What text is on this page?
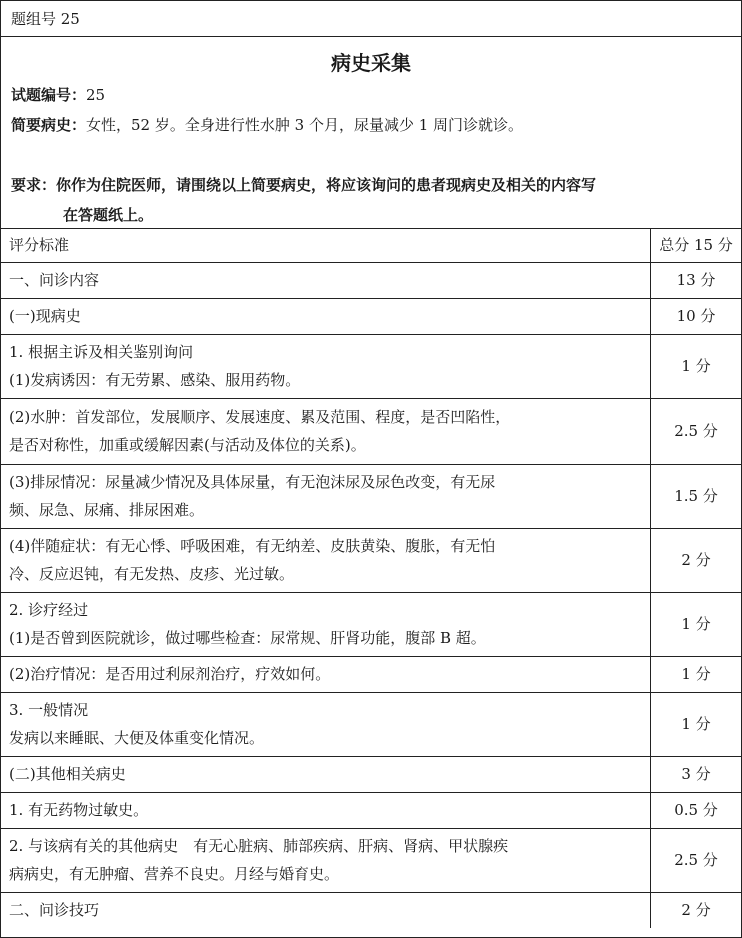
题组号 25
病史采集
试题编号：25
简要病史：女性，52 岁。全身进行性水肿 3 个月，尿量减少 1 周门诊就诊。
要求：你作为住院医师，请围绕以上简要病史，将应该询问的患者现病史及相关的内容写
在答题纸上。
评分标准	总分 15 分

一、问诊内容	13 分

(一)现病史	10 分

1. 根据主诉及相关鉴别询问
(1)发病诱因：有无劳累、感染、服用药物。	1 分

(2)水肿：首发部位，发展顺序、发展速度、累及范围、程度，是否凹陷性，
是否对称性，加重或缓解因素(与活动及体位的关系)。	2.5 分

(3)排尿情况：尿量减少情况及具体尿量，有无泡沫尿及尿色改变，有无尿
频、尿急、尿痛、排尿困难。	1.5 分

(4)伴随症状：有无心悸、呼吸困难，有无纳差、皮肤黄染、腹胀，有无怕
冷、反应迟钝，有无发热、皮疹、光过敏。	2 分

2. 诊疗经过
(1)是否曾到医院就诊，做过哪些检查：尿常规、肝肾功能，腹部 B 超。	1 分

(2)治疗情况：是否用过利尿剂治疗，疗效如何。	1 分

3. 一般情况
发病以来睡眠、大便及体重变化情况。	1 分

(二)其他相关病史	3 分

1. 有无药物过敏史。	0.5 分

2. 与该病有关的其他病史　有无心脏病、肺部疾病、肝病、肾病、甲状腺疾
病病史，有无肿瘤、营养不良史。月经与婚育史。	2.5 分

二、问诊技巧	2 分
